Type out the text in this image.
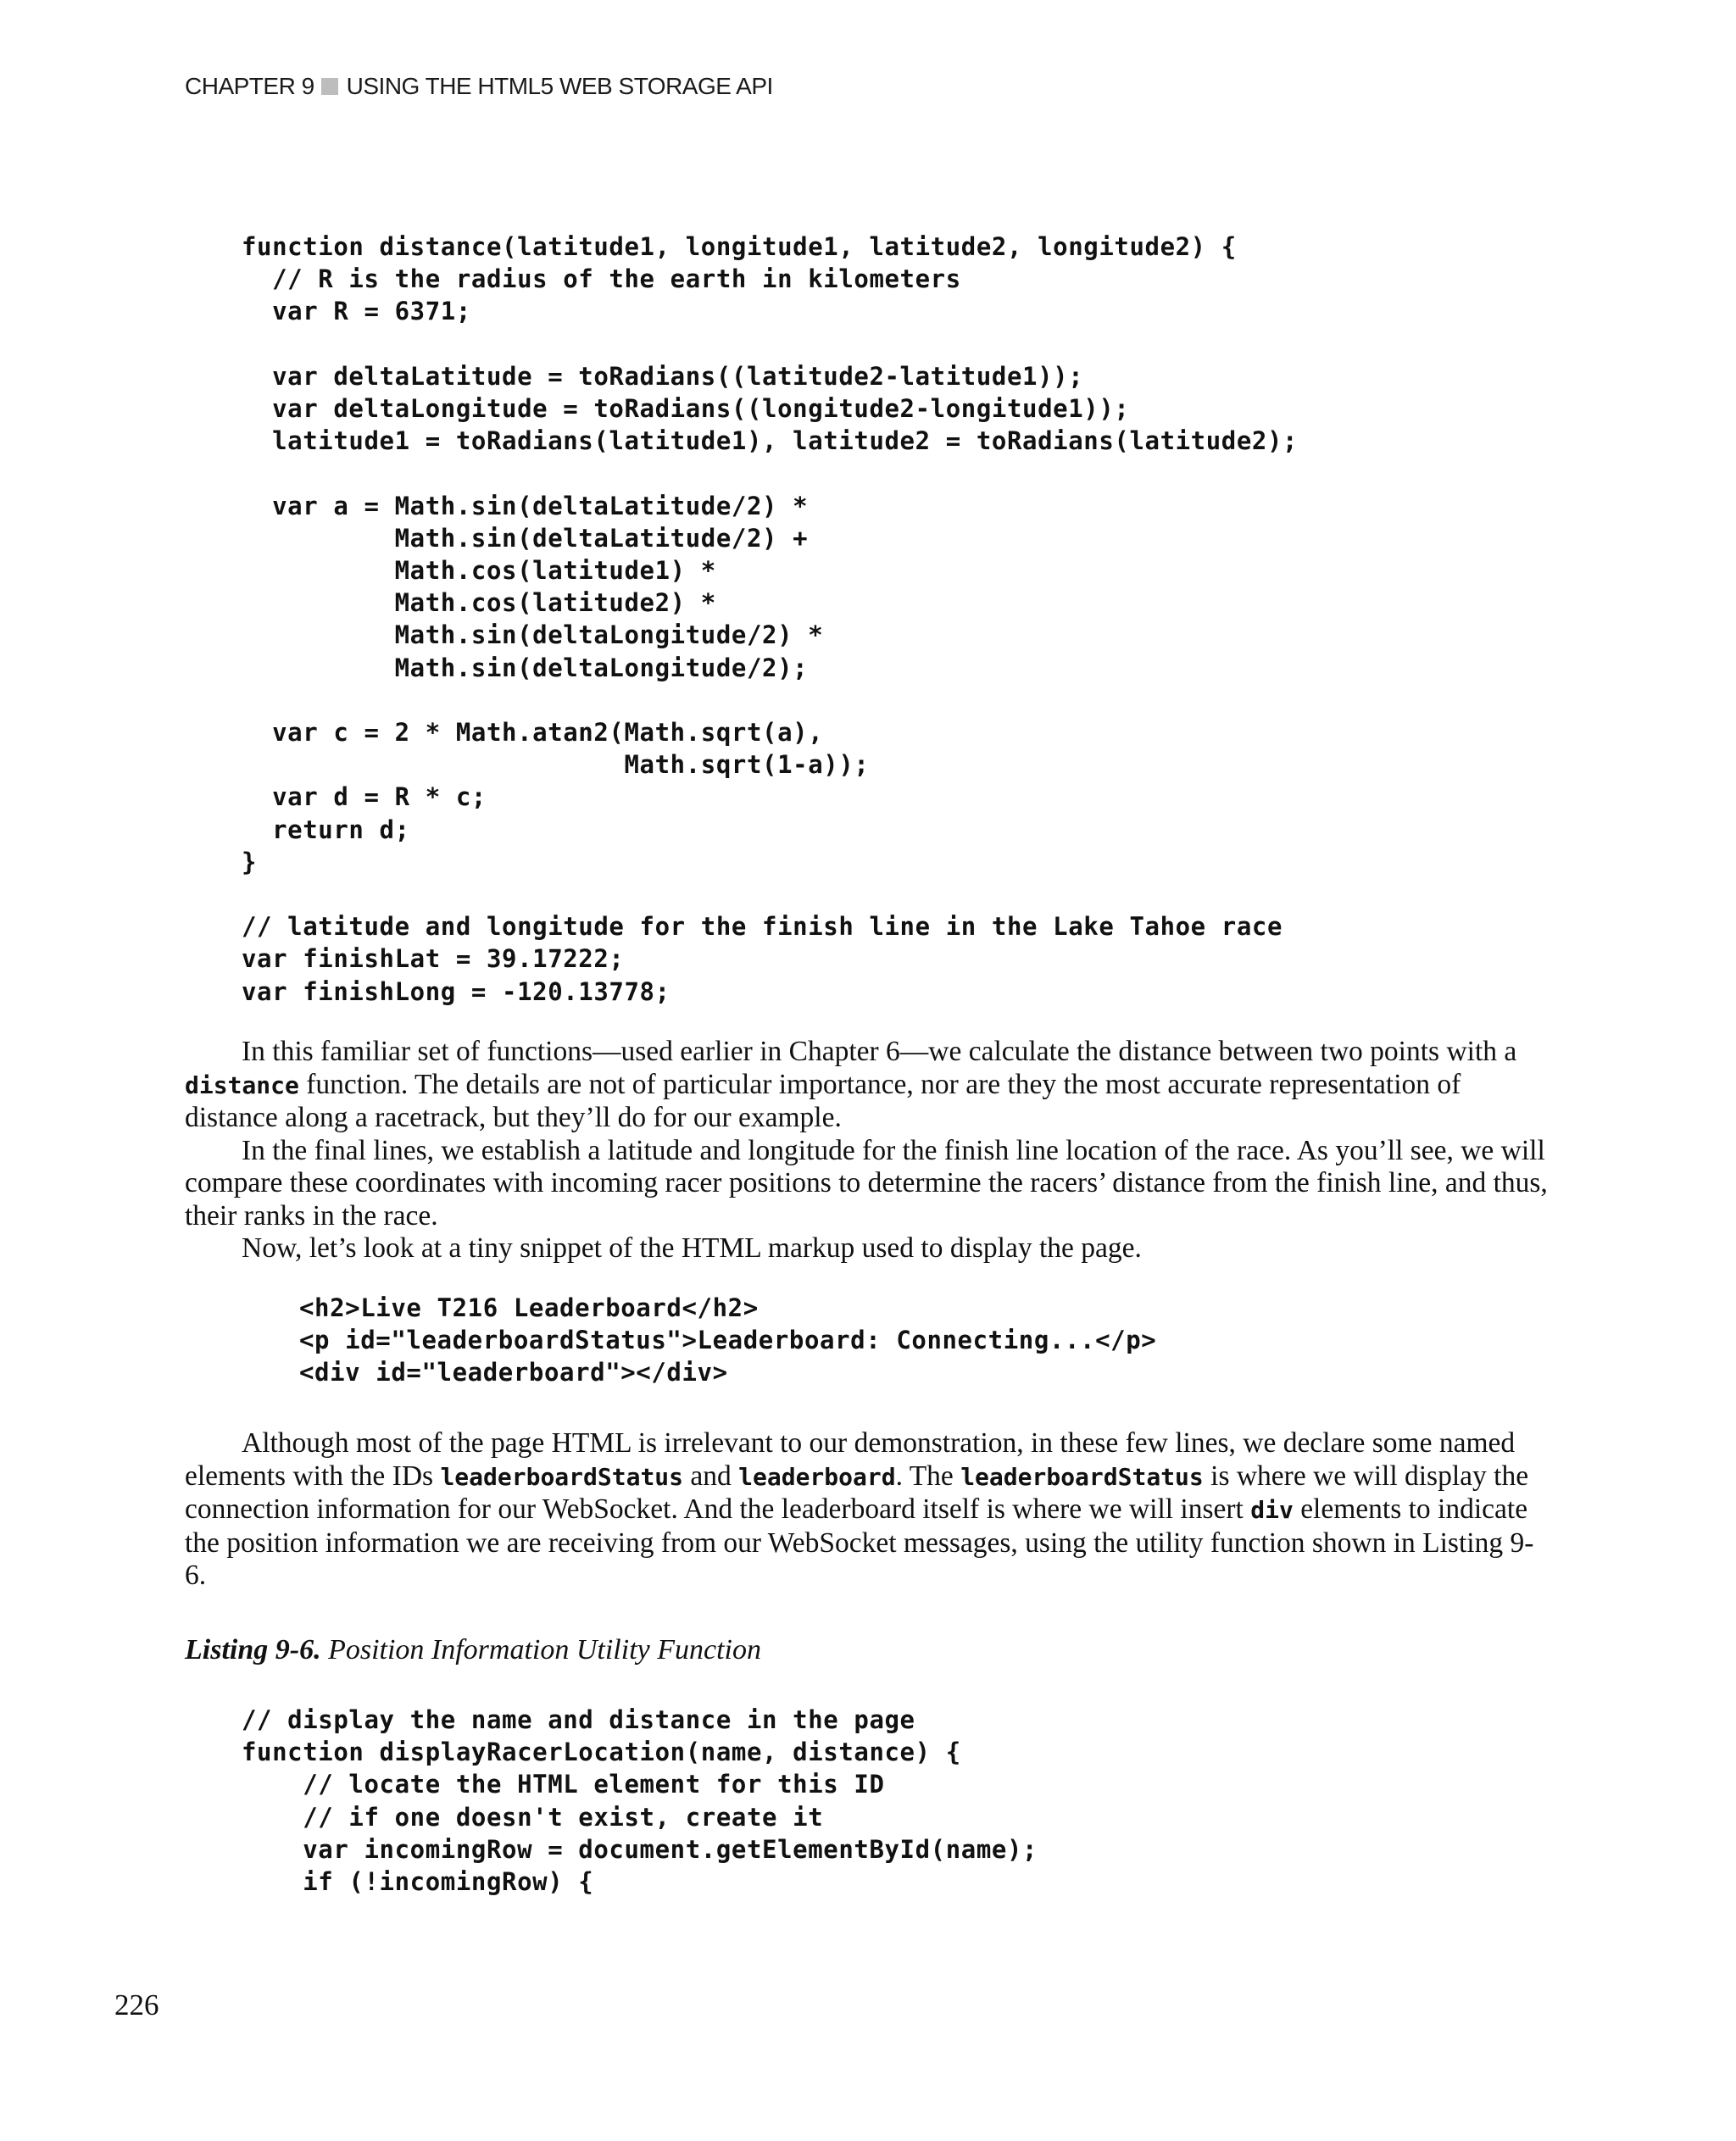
CHAPTER 9 USING THE HTML5 WEB STORAGE API
function distance(latitude1, longitude1, latitude2, longitude2) {
// R is the radius of the earth in kilometers
var R = 6371;

var deltaLatitude = toRadians((latitude2-latitude1));
var deltaLongitude = toRadians((longitude2-longitude1));
latitude1 = toRadians(latitude1), latitude2 = toRadians(latitude2);

var a = Math.sin(deltaLatitude/2) *
Math.sin(deltaLatitude/2) +
Math.cos(latitude1) *
Math.cos(latitude2) *
Math.sin(deltaLongitude/2) *
Math.sin(deltaLongitude/2);

var c = 2 * Math.atan2(Math.sqrt(a),
Math.sqrt(1-a));
var d = R * c;
return d;
}

// latitude and longitude for the finish line in the Lake Tahoe race
var finishLat = 39.17222;
var finishLong = -120.13778;

In this familiar set of functions—used earlier in Chapter 6—we calculate the distance between two points with a distance function. The details are not of particular importance, nor are they the most accurate representation of distance along a racetrack, but they’ll do for our example.

In the final lines, we establish a latitude and longitude for the finish line location of the race. As you’ll see, we will compare these coordinates with incoming racer positions to determine the racers’ distance from the finish line, and thus, their ranks in the race.

Now, let’s look at a tiny snippet of the HTML markup used to display the page.

<h2>Live T216 Leaderboard</h2>
<p id="leaderboardStatus">Leaderboard: Connecting...</p>
<div id="leaderboard"></div>

Although most of the page HTML is irrelevant to our demonstration, in these few lines, we declare some named elements with the IDs leaderboardStatus and leaderboard. The leaderboardStatus is where we will display the connection information for our WebSocket. And the leaderboard itself is where we will insert div elements to indicate the position information we are receiving from our WebSocket messages, using the utility function shown in Listing 9-6.

Listing 9-6. Position Information Utility Function
// display the name and distance in the page
function displayRacerLocation(name, distance) {
// locate the HTML element for this ID
// if one doesn't exist, create it
var incomingRow = document.getElementById(name);
if (!incomingRow) {
226
